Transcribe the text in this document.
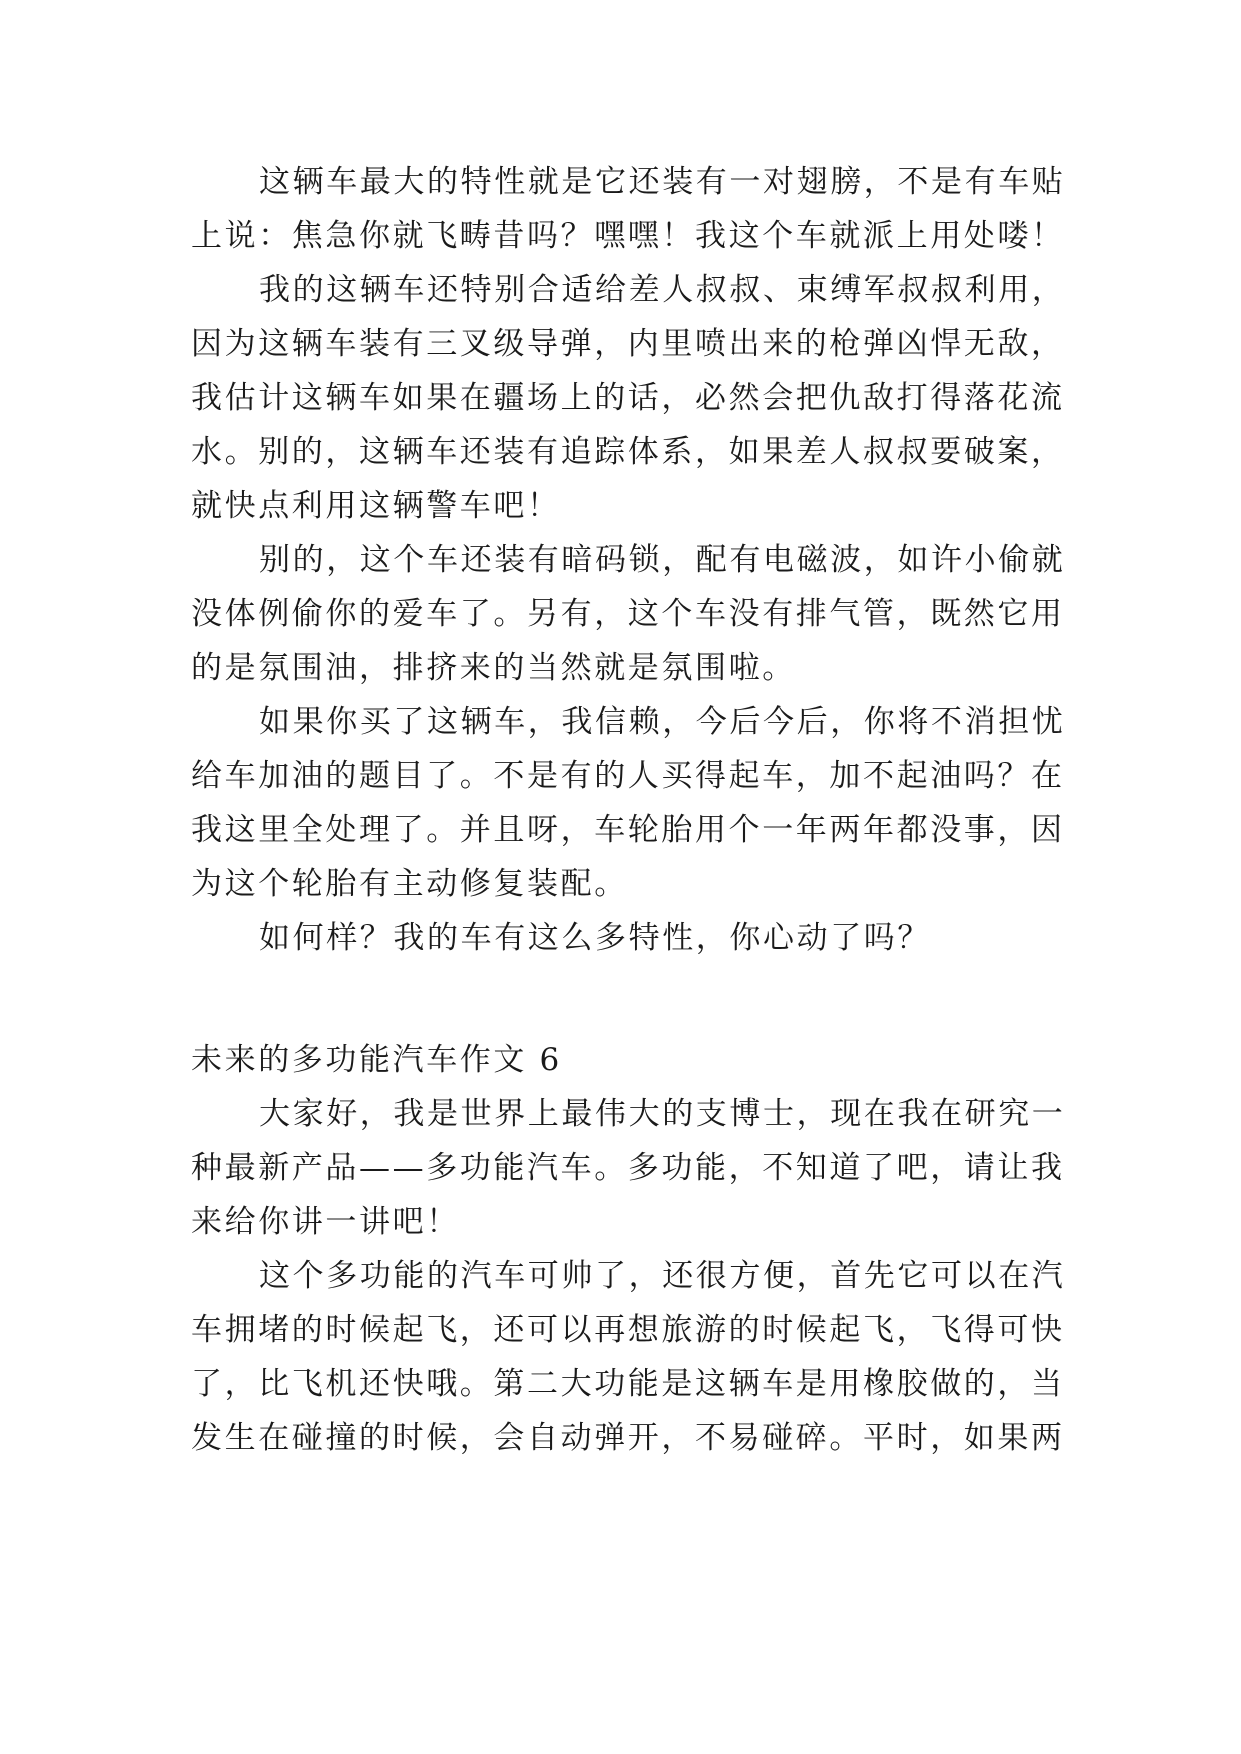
这辆车最大的特性就是它还装有一对翅膀，不是有车贴
上说：焦急你就飞畴昔吗？嘿嘿！我这个车就派上用处喽！

我的这辆车还特别合适给差人叔叔、束缚军叔叔利用，
因为这辆车装有三叉级导弹，内里喷出来的枪弹凶悍无敌，
我估计这辆车如果在疆场上的话，必然会把仇敌打得落花流
水。别的，这辆车还装有追踪体系，如果差人叔叔要破案，
就快点利用这辆警车吧！

别的，这个车还装有暗码锁，配有电磁波，如许小偷就
没体例偷你的爱车了。另有，这个车没有排气管，既然它用
的是氛围油，排挤来的当然就是氛围啦。

如果你买了这辆车，我信赖，今后今后，你将不消担忧
给车加油的题目了。不是有的人买得起车，加不起油吗？在
我这里全处理了。并且呀，车轮胎用个一年两年都没事，因
为这个轮胎有主动修复装配。

如何样？我的车有这么多特性，你心动了吗？

未来的多功能汽车作文 6

大家好，我是世界上最伟大的支博士，现在我在研究一
种最新产品——多功能汽车。多功能，不知道了吧，请让我
来给你讲一讲吧！

这个多功能的汽车可帅了，还很方便，首先它可以在汽
车拥堵的时候起飞，还可以再想旅游的时候起飞，飞得可快
了，比飞机还快哦。第二大功能是这辆车是用橡胶做的，当
发生在碰撞的时候，会自动弹开，不易碰碎。平时，如果两
